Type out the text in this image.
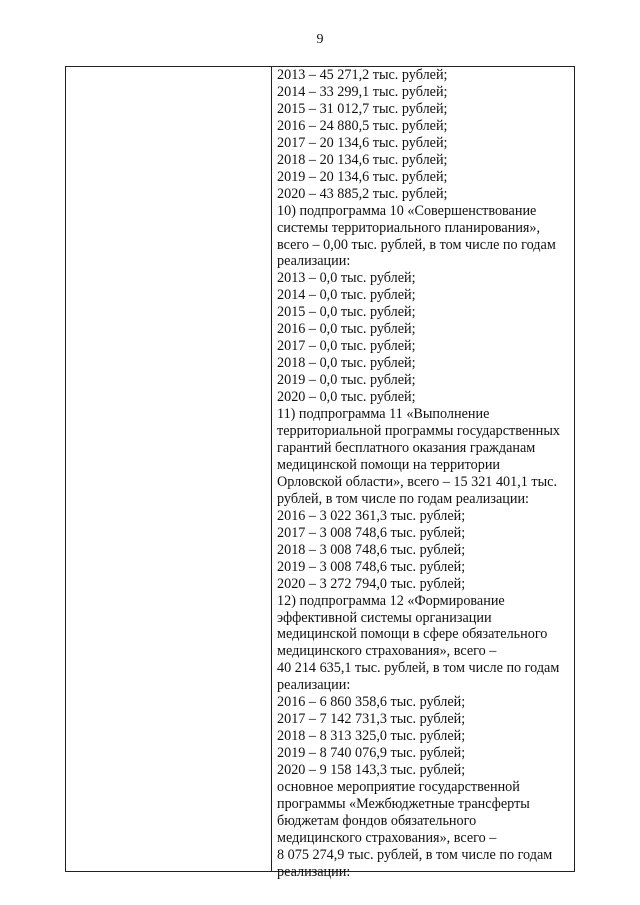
9
2013 – 45 271,2 тыс. рублей;
2014 – 33 299,1 тыс. рублей;
2015 – 31 012,7 тыс. рублей;
2016 – 24 880,5 тыс. рублей;
2017 – 20 134,6 тыс. рублей;
2018 – 20 134,6 тыс. рублей;
2019 – 20 134,6 тыс. рублей;
2020 – 43 885,2 тыс. рублей;
10) подпрограмма 10 «Совершенствование
системы территориального планирования»,
всего – 0,00 тыс. рублей, в том числе по годам
реализации:
2013 – 0,0 тыс. рублей;
2014 – 0,0 тыс. рублей;
2015 – 0,0 тыс. рублей;
2016 – 0,0 тыс. рублей;
2017 – 0,0 тыс. рублей;
2018 – 0,0 тыс. рублей;
2019 – 0,0 тыс. рублей;
2020 – 0,0 тыс. рублей;
11) подпрограмма 11 «Выполнение
территориальной программы государственных
гарантий бесплатного оказания гражданам
медицинской помощи на территории
Орловской области», всего – 15 321 401,1 тыс.
рублей, в том числе по годам реализации:
2016 – 3 022 361,3 тыс. рублей;
2017 – 3 008 748,6 тыс. рублей;
2018 – 3 008 748,6 тыс. рублей;
2019 – 3 008 748,6 тыс. рублей;
2020 – 3 272 794,0 тыс. рублей;
12) подпрограмма 12 «Формирование
эффективной системы организации
медицинской помощи в сфере обязательного
медицинского страхования», всего –
40 214 635,1 тыс. рублей, в том числе по годам
реализации:
2016 – 6 860 358,6 тыс. рублей;
2017 – 7 142 731,3 тыс. рублей;
2018 – 8 313 325,0 тыс. рублей;
2019 – 8 740 076,9 тыс. рублей;
2020 – 9 158 143,3 тыс. рублей;
основное мероприятие государственной
программы «Межбюджетные трансферты
бюджетам фондов обязательного
медицинского страхования», всего –
8 075 274,9 тыс. рублей, в том числе по годам
реализации:
